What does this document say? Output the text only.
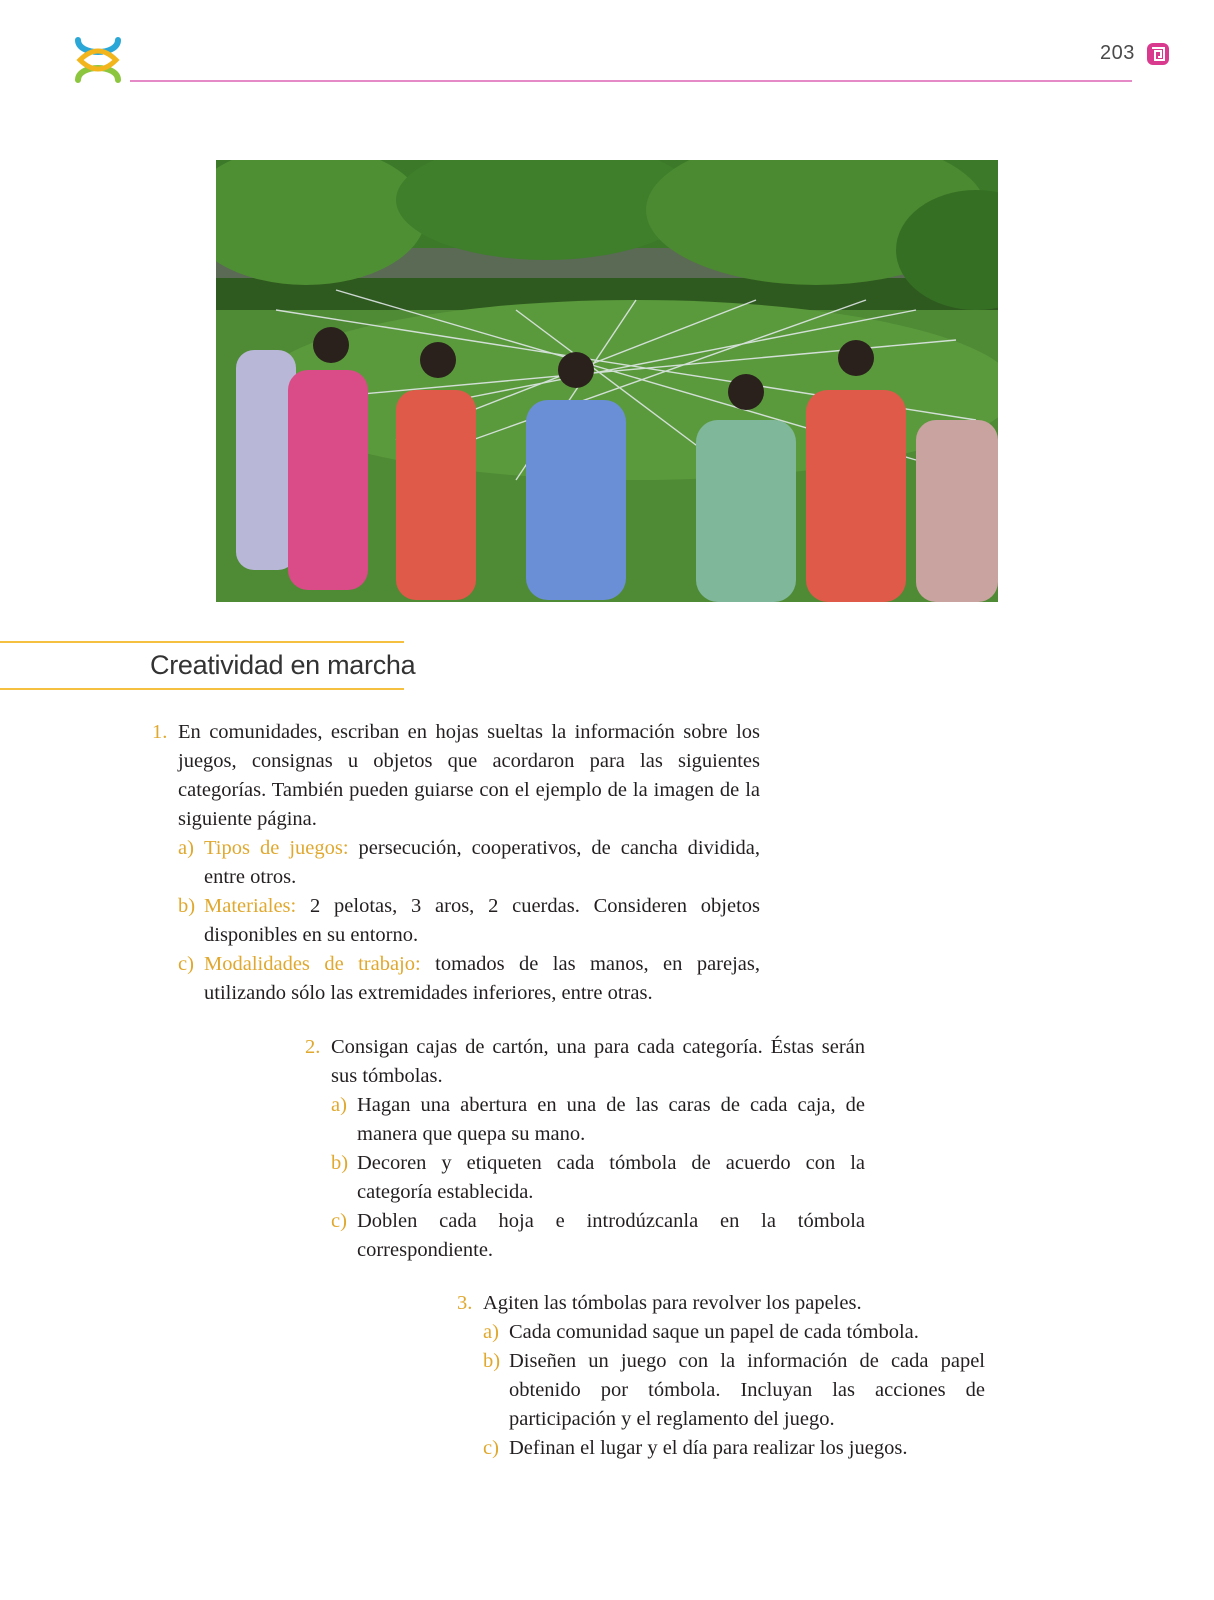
203
Creatividad en marcha
1. En comunidades, escriban en hojas sueltas la información sobre los juegos, consignas u objetos que acordaron para las siguientes categorías. También pueden guiarse con el ejemplo de la imagen de la siguiente página.

a) Tipos de juegos: persecución, cooperativos, de cancha dividida, entre otros.

b) Materiales: 2 pelotas, 3 aros, 2 cuerdas. Consideren objetos disponibles en su entorno.

c) Modalidades de trabajo: tomados de las manos, en parejas, utilizando sólo las extremidades inferiores, entre otras.

2. Consigan cajas de cartón, una para cada categoría. Éstas serán sus tómbolas.

a) Hagan una abertura en una de las caras de cada caja, de manera que quepa su mano.

b) Decoren y etiqueten cada tómbola de acuerdo con la categoría establecida.

c) Doblen cada hoja e introdúzcanla en la tómbola correspondiente.

3. Agiten las tómbolas para revolver los papeles.

a) Cada comunidad saque un papel de cada tómbola.

b) Diseñen un juego con la información de cada papel obtenido por tómbola. Incluyan las acciones de participación y el reglamento del juego.

c) Definan el lugar y el día para realizar los juegos.
